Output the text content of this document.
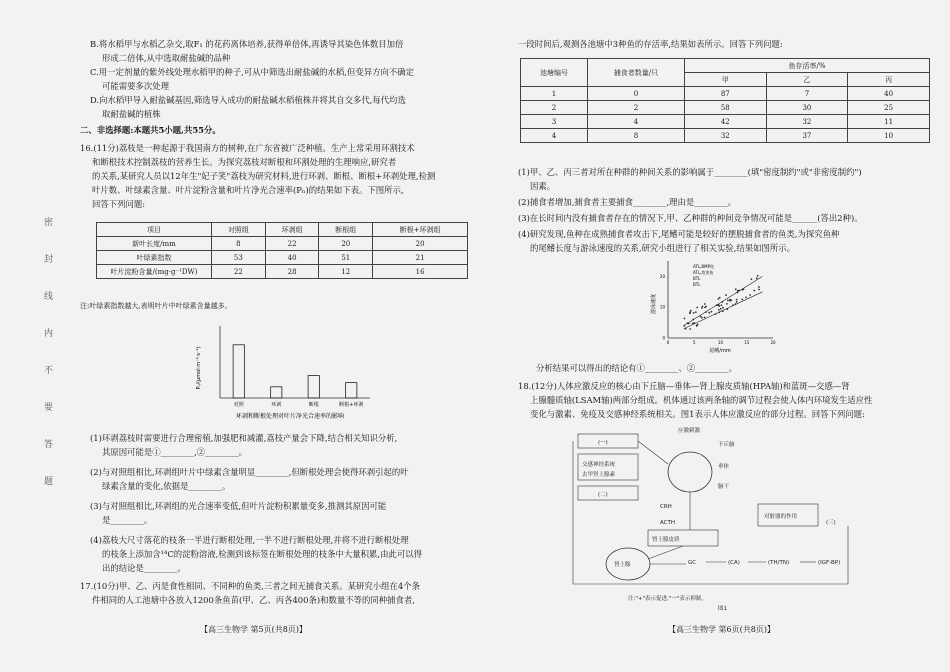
密
封
线
内
不
要
答
题
B.将水稻甲与水稻乙杂交,取F₁ 的花药离体培养,获得单倍体,再诱导其染色体数目加倍
形成二倍体,从中选取耐盐碱的品种
C.用一定剂量的紫外线处理水稻甲的种子,可从中筛选出耐盐碱的水稻,但变异方向不确定
可能需要多次处理
D.向水稻甲导入耐盐碱基因,筛选导入成功的耐盐碱水稻植株并将其自交多代,每代均选
取耐盐碱的植株
二、非选择题:本题共5小题,共55分。
16.(11分)荔枝是一种起源于我国南方的树种,在广东省被广泛种植。生产上常采用环割技术
和断根技术控制荔枝的营养生长。为探究荔枝对断根和环割处理的生理响应,研究者
的关系,某研究人员以12年生"妃子笑"荔枝为研究材料,进行环剥、断根、断根+环剥处理,检测
叶片数、叶绿素含量、叶片淀粉含量和叶片净光合速率(Pₙ)的结果如下表。下图所示,
回答下列问题:
项目	对照组	环剥组	断根组	断根+环剥组
新叶长度/mm	8	22	20	20
叶绿素指数	53	40	51	21
叶片淀粉含量/(mg·g⁻¹DW)	22	28	12	16
注:叶绿素指数越大,表明叶片中叶绿素含量越多。
Pₙ/(μmol·m⁻²·s⁻¹)
对照	环剥	断根	断根+环剥
环剥和断根处理对叶片净光合速率的影响
(1)环剥荔枝时需要进行合理密植,加强肥和减灌,荔枝产量会下降,结合相关知识分析,
其原因可能是①________,②________。
(2)与对照组相比,环剥组叶片中绿素含量明显________,但断根处理会使得环剥引起的叶
绿素含量的变化,依据是________。
(3)与对照组相比,环剥组的光合速率变低,但叶片淀粉积累量变多,推测其原因可能
是________。
(4)荔枝大尺寸落花的枝条一半进行断根处理,一半不进行断根处理,并将不进行断根处理
的枝条上添加含¹⁴C的淀粉溶液,检测到该标签在断根处理的枝条中大量积累,由此可以得
出的结论是________。
17.(10分)甲、乙、丙是食性相同、不同种的鱼类,三者之间无捕食关系。某研究小组在4个条
件相同的人工池塘中各放入1200条鱼苗(甲、乙、丙各400条)和数量不等的同种捕食者,
【高三生物学 第5页(共8页)】
一段时间后,观测各池塘中3种鱼的存活率,结果如表所示。回答下列问题:
池塘编号	捕食者数量/只	鱼存活率/%		
		甲	乙	丙
1	0	87	7	40
2	2	58	30	25
3	4	42	32	11
4	8	32	37	10
(1)甲、乙、丙三者对所在种群的种间关系的影响属于________(填"密度制约"或"非密度制约")
因素。
(2)捕食者增加,捕食者主要捕食________,理由是________。
(3)在长时间内没有捕食者存在的情况下,甲、乙种群的种间竞争情况可能是______(答出2种)。
(4)研究发现,鱼种在成熟捕食者攻击下,尾鳍可能是较好的摆脱捕食者的鱼类,为探究鱼种
的尾鳍长度与游泳速度的关系,研究小组进行了相关实验,结果如图所示。
游泳速度
尾鳍/mm
ATL,BMP鱼
ATL,敌害鱼
BTL
BTL
0	5	10	15	20
0
10
20
分析结果可以得出的结论有①________、②________。
18.(12分)人体应激反应的核心由下丘脑—垂体—肾上腺皮质轴(HPA轴)和蓝斑—交感—肾
上腺髓质轴(LSAM轴)两部分组成。机体通过该两条轴的调节过程会使人体内环境发生适应性
变化与激素、免疫及交感神经系统相关。图1表示人体应激反应的部分过程。回答下列问题:
应激刺激
下丘脑
垂体
脑干
(一)
交感神经系统
去甲肾上腺素
(二)
CRH
ACTH
肾上腺皮质
肾上腺	GC	(CA)	(TH/TN)	(IGF-BP)
对脏器的作用
(三)
注:"+"表示促进,"一"表示抑制。
图1
【高三生物学 第6页(共8页)】
